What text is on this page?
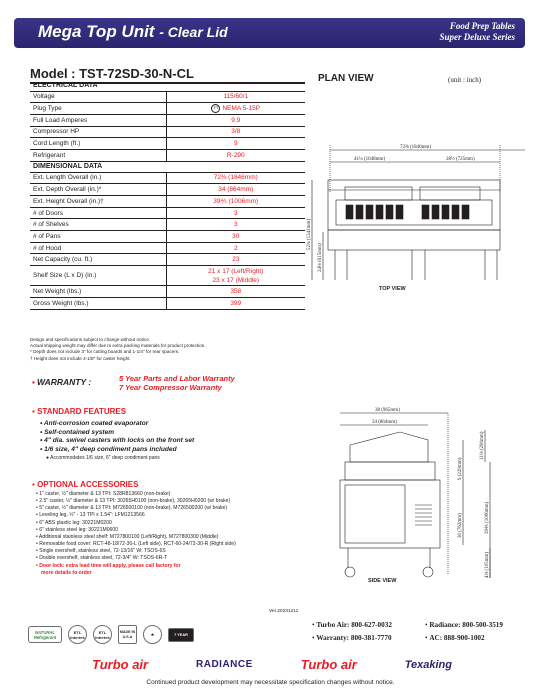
Mega Top Unit - Clear Lid	Food Prep Tables
Super Deluxe Series
Model : TST-72SD-30-N-CL	PLAN VIEW	(unit : inch)
ELECTRICAL DATA	
Voltage	115/60/1
Plug Type	⊓ NEMA 5-15P
Full Load Amperes	9.9
Compressor HP	3/8
Cord Length (ft.)	9
Refrigerant	R-290
DIMENSIONAL DATA	
Ext. Length Overall (in.)	72⅜ (1846mm)
Ext. Depth Overall (in.)*	34 (864mm)
Ext. Height Overall (in.)†	39⅘ (1006mm)
# of Doors	3
# of Shelves	3
# of Pans	30
# of Hood	2
Net Capacity (cu. ft.)	23
Shelf Size (L x D) (in.)	21 x 17 (Left/Right)
23 x 17 (Middle)

Net Weight (lbs.)	358
Gross Weight (lbs.)	399
Design and specifications subject to change without notice.
Actual shipping weight may differ due to extra packing materials for product protection.
* Depth does not include 3" for cutting boards and 1-1/4" for rear spacers.
† Height does not include 4-1/8" for caster height.
▪ WARRANTY :	5 Year Parts and Labor Warranty
7 Year Compressor Warranty
▪ STANDARD FEATURES
• Anti-corrosion coated evaporator
• Self-contained system
• 4" dia. swivel casters with locks on the front set
• 1/6 size, 4" deep condiment pans included
● Accommodates 1/6 size, 6" deep condiment pans
▪ OPTIONAL ACCESSORIES
• 1" caster, ½" diameter & 13 TPI: S28R813660 (non-brake)
• 2.5" caster, ½" diameter & 13 TPI: 30265H0100 (non-brake), 30265H0200 (w/ brake)
• 5" caster, ½" diameter & 13 TPI: M726500100 (non-brake), M726500200 (w/ brake)
• Leveling leg, ½" - 13 TPI x 1.54": LFM1213566
• 6" ABS plastic leg: 30221M0200
• 6" stainless steel leg: 30221M0600
• Additional stainless steel shelf: M727800100 (Left/Right), M727800300 (Middle)
• Removable food cover: RCT-48-18/72-30-L (Left side), RCT-60-24/72-30-R (Right side)
• Single overshelf, stainless steel, 72-13/16" W: TSOS-6S
• Double overshelf, stainless steel, 72-3/4" W: TSOS-6R-T
• Door lock: extra lead time will apply, please call factory for
more details to order
72⅜ (1846mm)
41¼ (1048mm)	28½ (725mm)
52¾ (1341mm)
24⅛ (615mm)
38 (965mm)
34 (864mm)
11⅛ (290mm)
9 (229mm)
39⅘ (1006mm)
30 (762mm)
4⅛ (105mm)
TOP VIEW
SIDE VIEW
Ver.20231211
NATURAL Refrigerant
ETL Intertek
ETL Intertek
MADE IN U.S.A	★	7 YEAR
• Turbo Air: 800-627-0032
• Warranty: 800-381-7770
• Radiance: 800-500-3519
• AC: 888-900-1002
Turbo air	RADIANCE	Turbo air	Texaking
Continued product development may necessitate specification changes without notice.
